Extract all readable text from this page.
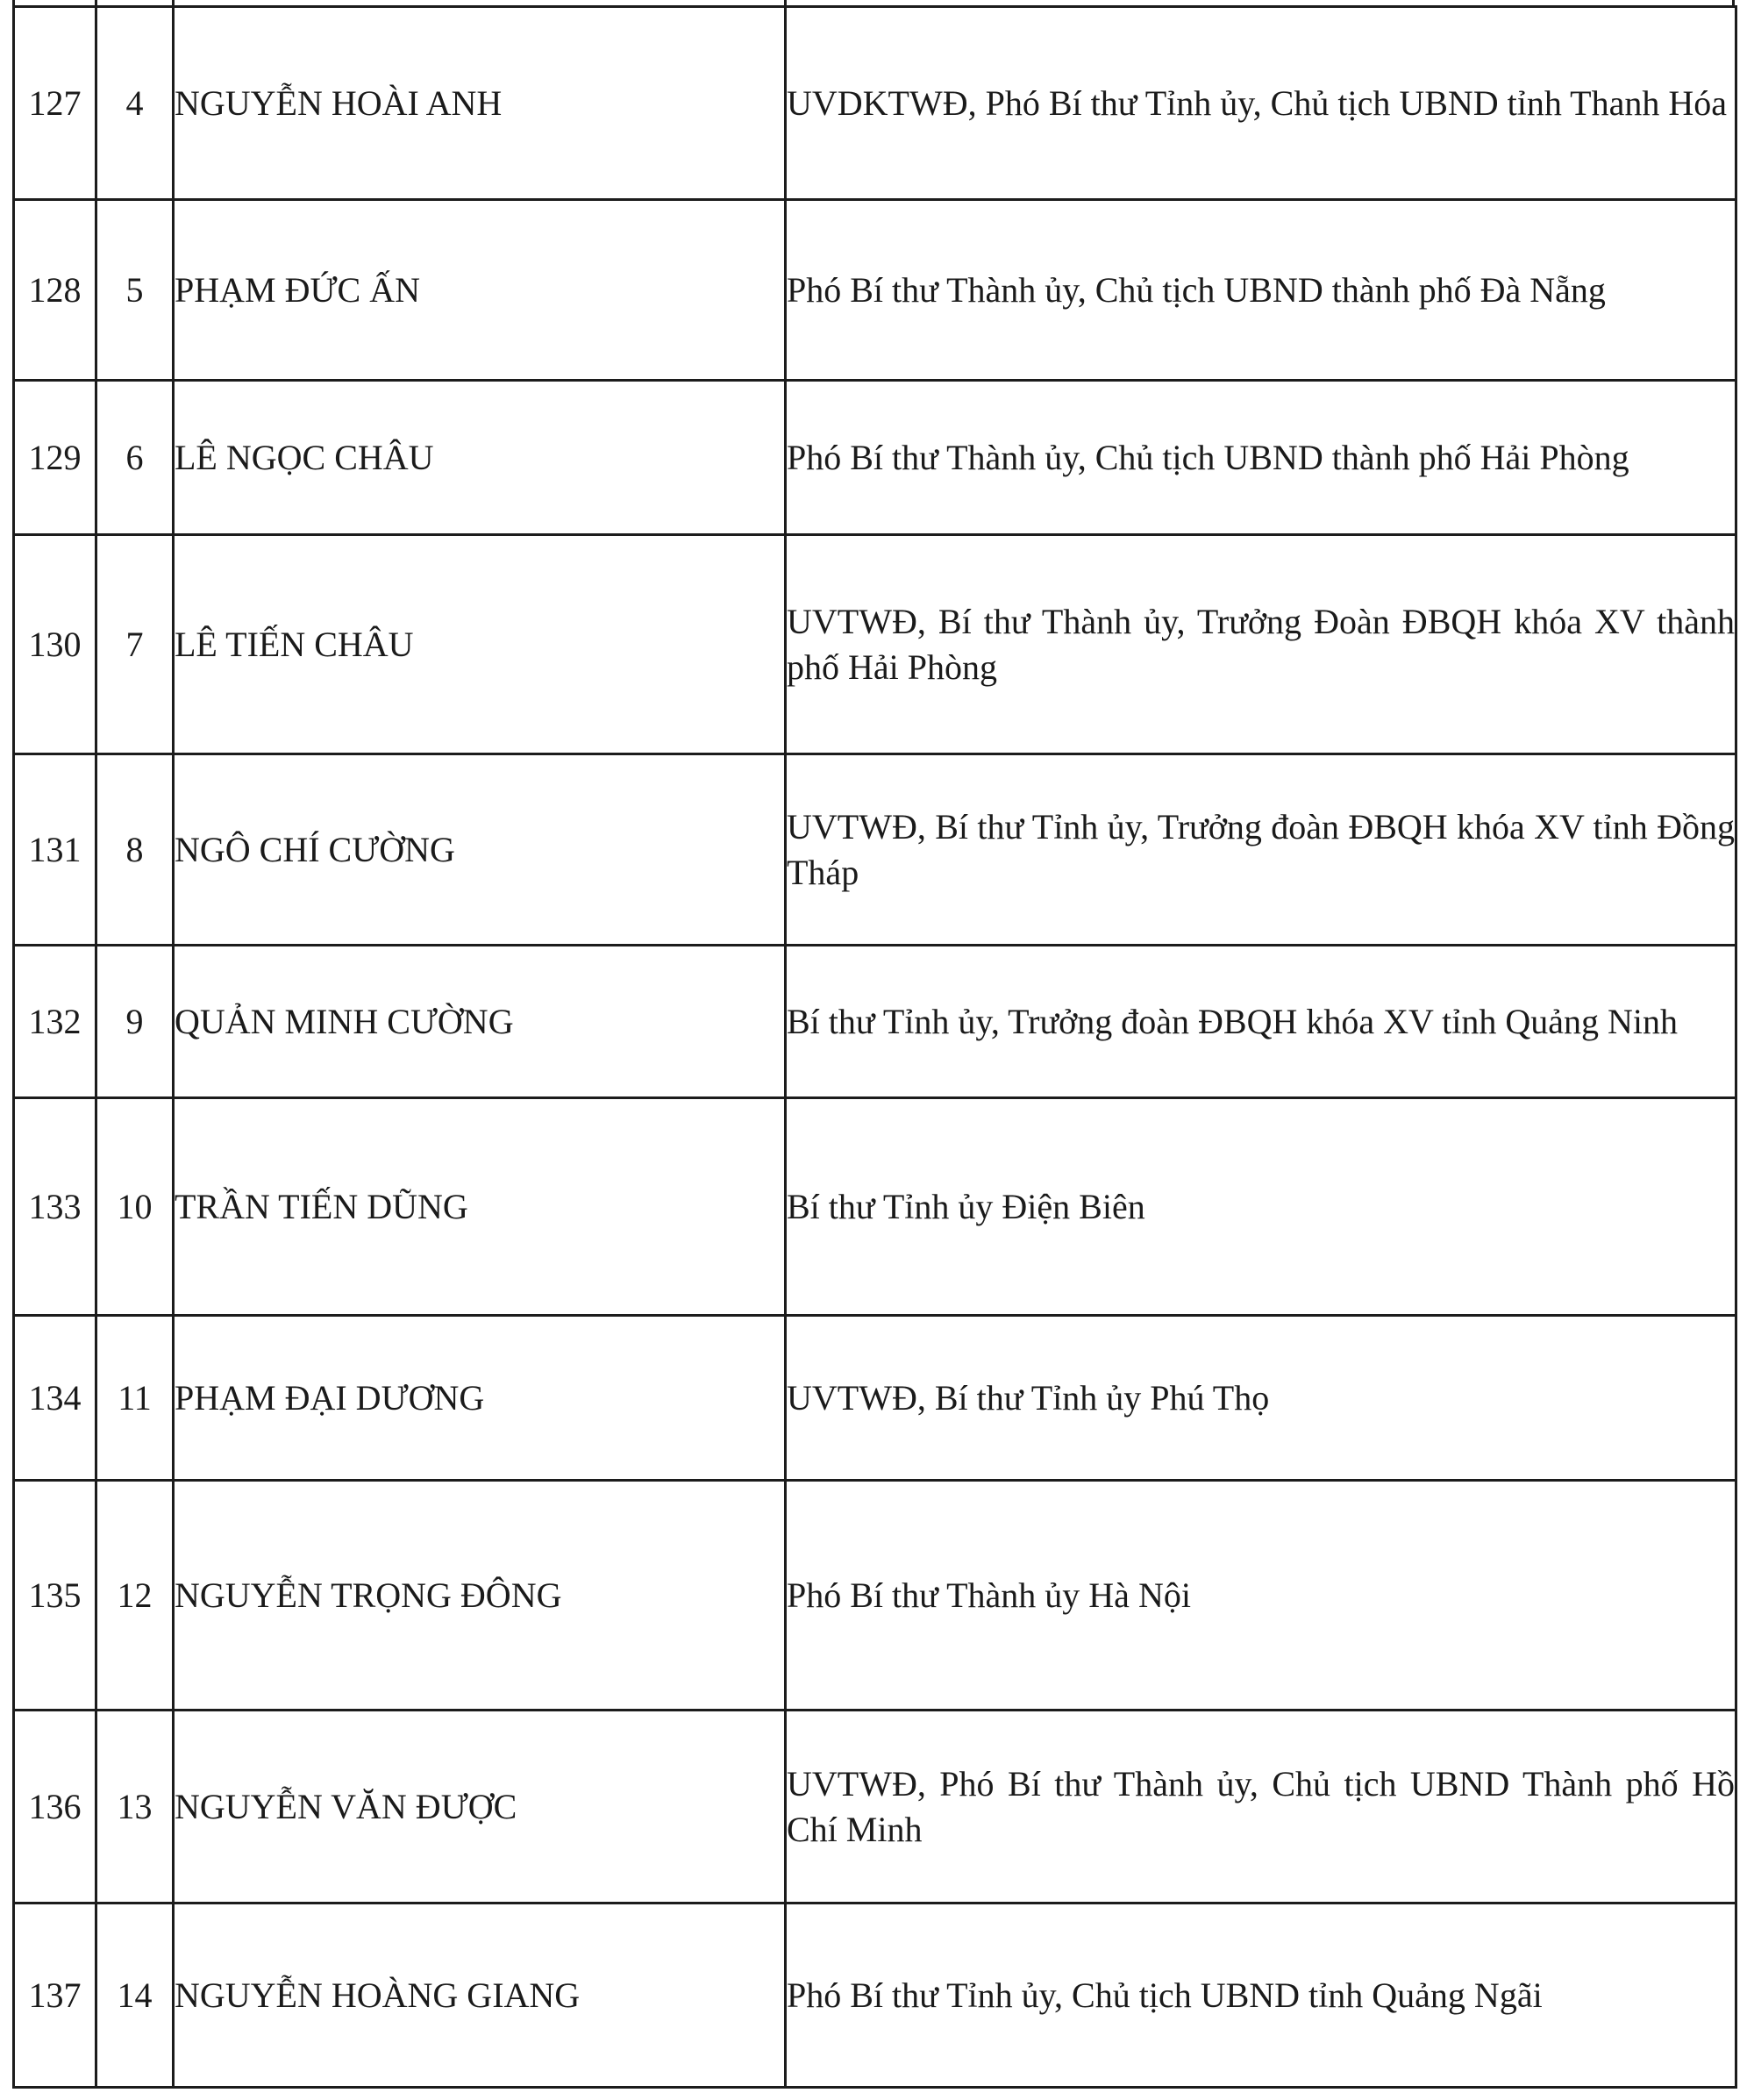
127	4	NGUYỄN HOÀI ANH	UVDKTWĐ, Phó Bí thư Tỉnh ủy, Chủ tịch UBND tỉnh Thanh Hóa
128	5	PHẠM ĐỨC ẤN	Phó Bí thư Thành ủy, Chủ tịch UBND thành phố Đà Nẵng
129	6	LÊ NGỌC CHÂU	Phó Bí thư Thành ủy, Chủ tịch UBND thành phố Hải Phòng
130	7	LÊ TIẾN CHÂU	UVTWĐ, Bí thư Thành ủy, Trưởng Đoàn ĐBQH khóa XV thành phố Hải Phòng
131	8	NGÔ CHÍ CƯỜNG	UVTWĐ, Bí thư Tỉnh ủy, Trưởng đoàn ĐBQH khóa XV tỉnh Đồng Tháp
132	9	QUẢN MINH CƯỜNG	Bí thư Tỉnh ủy, Trưởng đoàn ĐBQH khóa XV tỉnh Quảng Ninh
133	10	TRẦN TIẾN DŨNG	Bí thư Tỉnh ủy Điện Biên
134	11	PHẠM ĐẠI DƯƠNG	UVTWĐ, Bí thư Tỉnh ủy Phú Thọ
135	12	NGUYỄN TRỌNG ĐÔNG	Phó Bí thư Thành ủy Hà Nội
136	13	NGUYỄN VĂN ĐƯỢC	UVTWĐ, Phó Bí thư Thành ủy, Chủ tịch UBND Thành phố Hồ Chí Minh
137	14	NGUYỄN HOÀNG GIANG	Phó Bí thư Tỉnh ủy, Chủ tịch UBND tỉnh Quảng Ngãi
